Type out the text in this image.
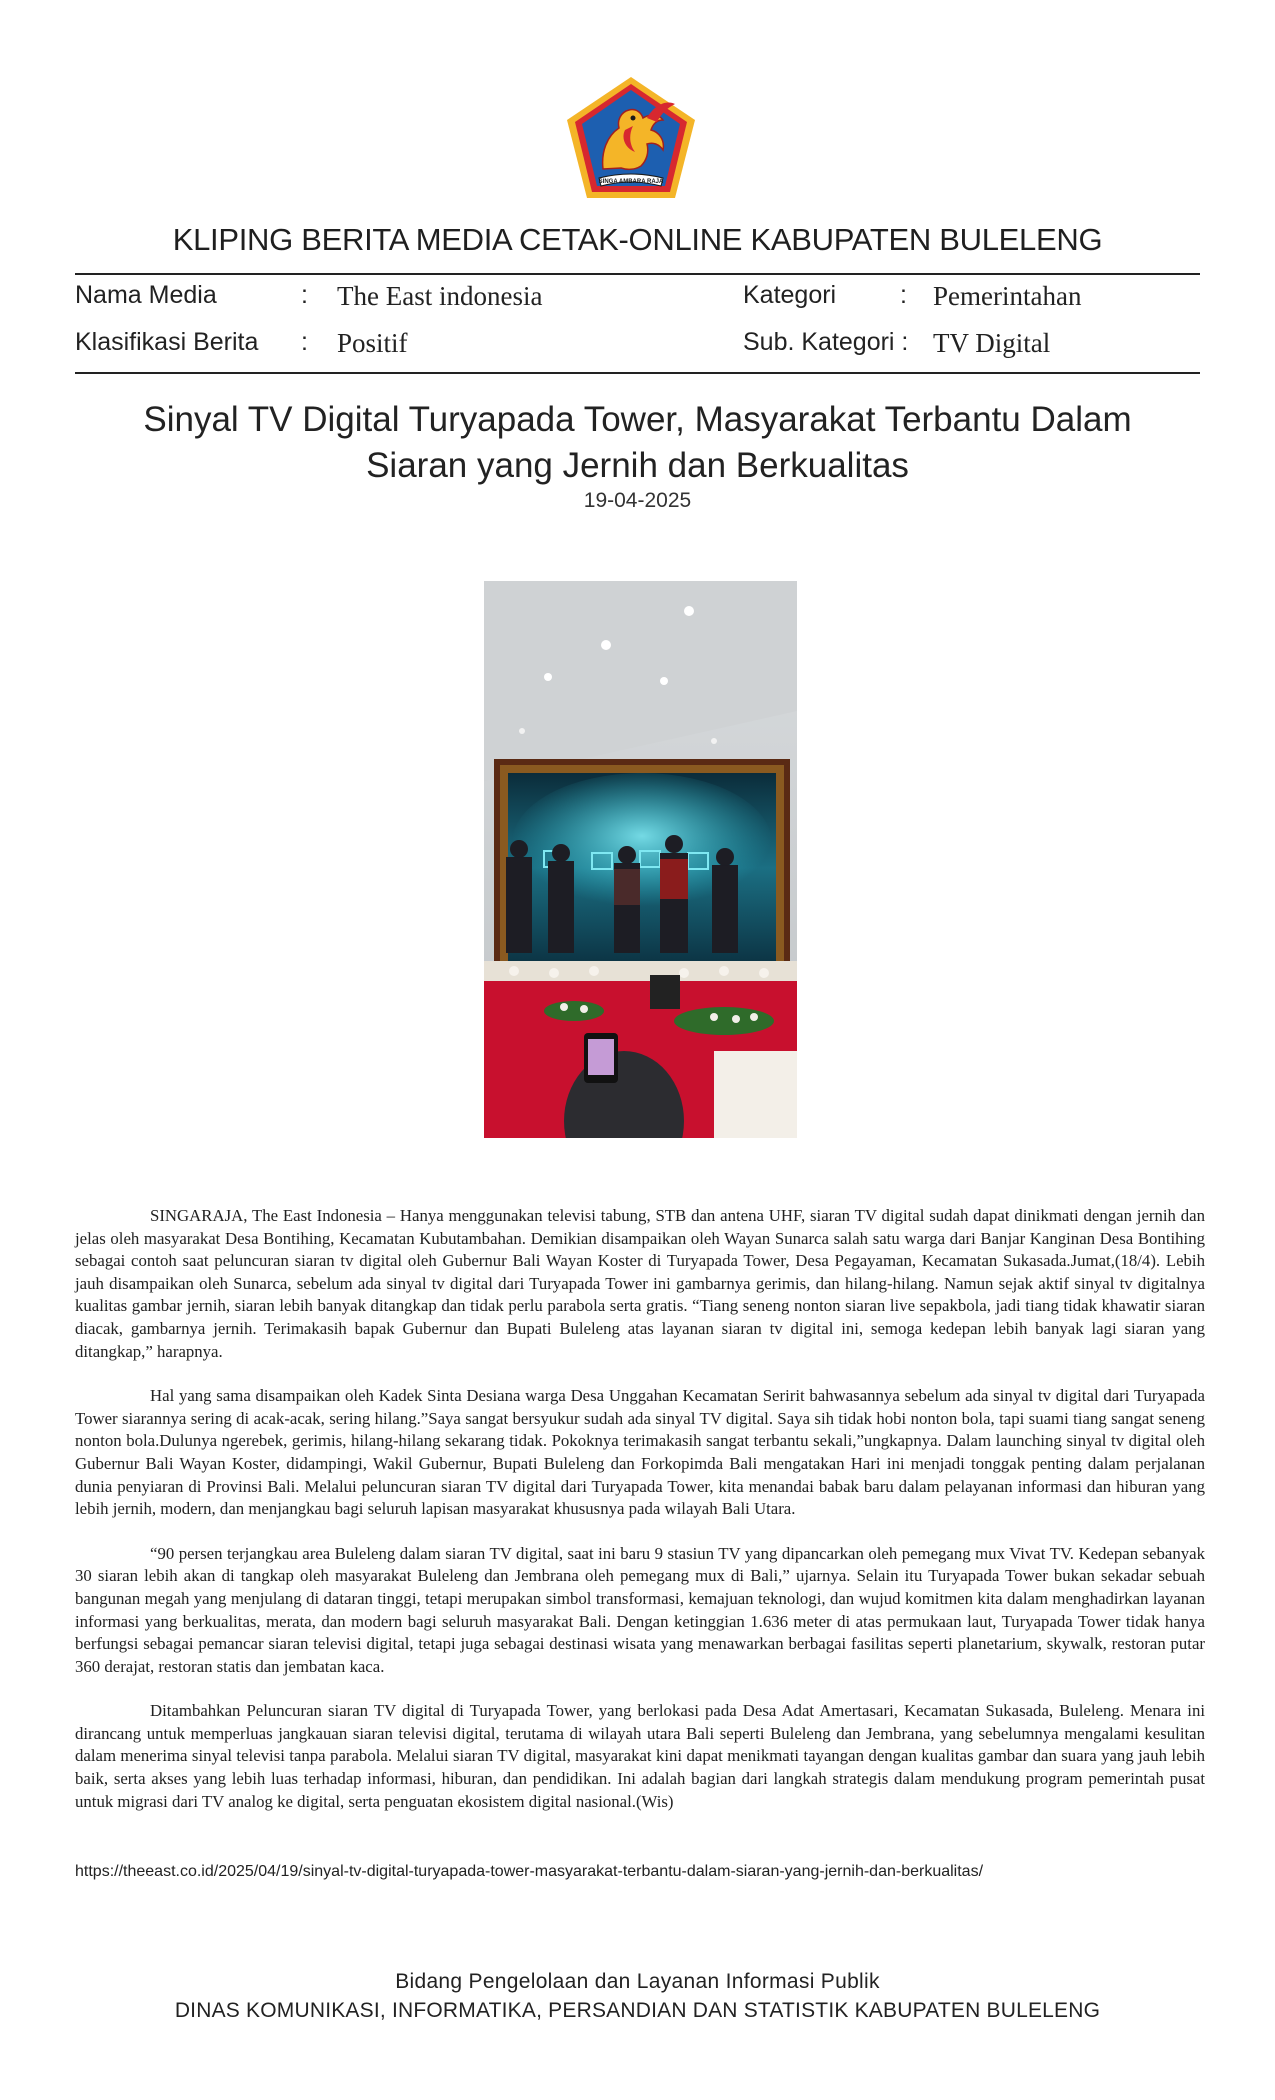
SINGA AMBARA RAJA
KLIPING BERITA MEDIA CETAK-ONLINE KABUPATEN BULELENG
Nama Media	: The East indonesia	Kategori	: Pemerintahan
Klasifikasi Berita : Positif	Sub. Kategori : TV Digital
Sinyal TV Digital Turyapada Tower, Masyarakat Terbantu Dalam
Siaran yang Jernih dan Berkualitas
19-04-2025

SINGARAJA, The East Indonesia – Hanya menggunakan televisi tabung, STB dan antena UHF, siaran TV digital sudah dapat dinikmati dengan jernih dan jelas oleh masyarakat Desa Bontihing, Kecamatan Kubutambahan. Demikian disampaikan oleh Wayan Sunarca salah satu warga dari Banjar Kanginan Desa Bontihing sebagai contoh saat peluncuran siaran tv digital oleh Gubernur Bali Wayan Koster di Turyapada Tower, Desa Pegayaman, Kecamatan Sukasada.Jumat,(18/4). Lebih jauh disampaikan oleh Sunarca, sebelum ada sinyal tv digital dari Turyapada Tower ini gambarnya gerimis, dan hilang-hilang. Namun sejak aktif sinyal tv digitalnya kualitas gambar jernih, siaran lebih banyak ditangkap dan tidak perlu parabola serta gratis. “Tiang seneng nonton siaran live sepakbola, jadi tiang tidak khawatir siaran diacak, gambarnya jernih. Terimakasih bapak Gubernur dan Bupati Buleleng atas layanan siaran tv digital ini, semoga kedepan lebih banyak lagi siaran yang ditangkap,” harapnya.

Hal yang sama disampaikan oleh Kadek Sinta Desiana warga Desa Unggahan Kecamatan Seririt bahwasannya sebelum ada sinyal tv digital dari Turyapada Tower siarannya sering di acak-acak, sering hilang.”Saya sangat bersyukur sudah ada sinyal TV digital. Saya sih tidak hobi nonton bola, tapi suami tiang sangat seneng nonton bola.Dulunya ngerebek, gerimis, hilang-hilang sekarang tidak. Pokoknya terimakasih sangat terbantu sekali,”ungkapnya. Dalam launching sinyal tv digital oleh Gubernur Bali Wayan Koster, didampingi, Wakil Gubernur, Bupati Buleleng dan Forkopimda Bali mengatakan Hari ini menjadi tonggak penting dalam perjalanan dunia penyiaran di Provinsi Bali. Melalui peluncuran siaran TV digital dari Turyapada Tower, kita menandai babak baru dalam pelayanan informasi dan hiburan yang lebih jernih, modern, dan menjangkau bagi seluruh lapisan masyarakat khususnya pada wilayah Bali Utara.

“90 persen terjangkau area Buleleng dalam siaran TV digital, saat ini baru 9 stasiun TV yang dipancarkan oleh pemegang mux Vivat TV. Kedepan sebanyak 30 siaran lebih akan di tangkap oleh masyarakat Buleleng dan Jembrana oleh pemegang mux di Bali,” ujarnya. Selain itu Turyapada Tower bukan sekadar sebuah bangunan megah yang menjulang di dataran tinggi, tetapi merupakan simbol transformasi, kemajuan teknologi, dan wujud komitmen kita dalam menghadirkan layanan informasi yang berkualitas, merata, dan modern bagi seluruh masyarakat Bali. Dengan ketinggian 1.636 meter di atas permukaan laut, Turyapada Tower tidak hanya berfungsi sebagai pemancar siaran televisi digital, tetapi juga sebagai destinasi wisata yang menawarkan berbagai fasilitas seperti planetarium, skywalk, restoran putar 360 derajat, restoran statis dan jembatan kaca.

Ditambahkan Peluncuran siaran TV digital di Turyapada Tower, yang berlokasi pada Desa Adat Amertasari, Kecamatan Sukasada, Buleleng. Menara ini dirancang untuk memperluas jangkauan siaran televisi digital, terutama di wilayah utara Bali seperti Buleleng dan Jembrana, yang sebelumnya mengalami kesulitan dalam menerima sinyal televisi tanpa parabola. Melalui siaran TV digital, masyarakat kini dapat menikmati tayangan dengan kualitas gambar dan suara yang jauh lebih baik, serta akses yang lebih luas terhadap informasi, hiburan, dan pendidikan. Ini adalah bagian dari langkah strategis dalam mendukung program pemerintah pusat untuk migrasi dari TV analog ke digital, serta penguatan ekosistem digital nasional.(Wis)

https://theeast.co.id/2025/04/19/sinyal-tv-digital-turyapada-tower-masyarakat-terbantu-dalam-siaran-yang-jernih-dan-berkualitas/
Bidang Pengelolaan dan Layanan Informasi Publik
DINAS KOMUNIKASI, INFORMATIKA, PERSANDIAN DAN STATISTIK KABUPATEN BULELENG
